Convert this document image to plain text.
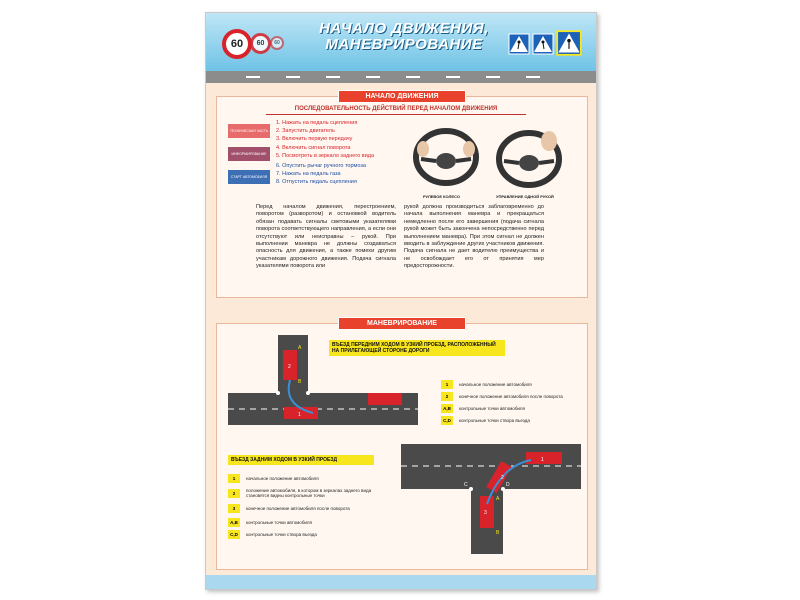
60	60	60
НАЧАЛО ДВИЖЕНИЯ,
МАНЕВРИРОВАНИЕ
НАЧАЛО ДВИЖЕНИЯ
ПОСЛЕДОВАТЕЛЬНОСТЬ ДЕЙСТВИЙ ПЕРЕД НАЧАЛОМ ДВИЖЕНИЯ
ТЕХНИЧЕСКАЯ ЧАСТЬ
ИНФОРМИРОВАНИЕ
СТАРТ АВТОМОБИЛЯ
1. Нажать на педаль сцепления
2. Запустить двигатель
3. Включить первую передачу
4. Включить сигнал поворота
5. Посмотреть в зеркало заднего вида
6. Опустить рычаг ручного тормоза
7. Нажать на педаль газа
8. Отпустить педаль сцепления
РУЛЕВОЕ КОЛЕСО	УПРАВЛЕНИЕ ОДНОЙ РУКОЙ
Перед началом движения, перестроением, поворотом (разворотом) и остановкой водитель обязан подавать сигналы световыми указателями поворота соответствующего направления, а если они отсутствуют или неисправны – рукой. При выполнении маневра не должны создаваться опасность для движения, а также помехи другим участникам дорожного движения. Подача сигнала указателями поворота или
рукой должна производиться заблаговременно до начала выполнения маневра и прекращаться немедленно после его завершения (подача сигнала рукой может быть закончена непосредственно перед выполнением маневра). При этом сигнал не должен вводить в заблуждение других участников движения. Подача сигнала не дает водителю преимущества и не освобождает его от принятия мер предосторожности.
МАНЕВРИРОВАНИЕ
C	D
A
B
1
2
ВЪЕЗД ПЕРЕДНИМ ХОДОМ В УЗКИЙ ПРОЕЗД, РАСПОЛОЖЕННЫЙ НА ПРИЛЕГАЮЩЕЙ СТОРОНЕ ДОРОГИ
1	начальное положение автомобиля
2	конечное положение автомобиля после поворота
А,В	контрольные точки автомобиля
С,D	контрольные точки створа въезда
ВЪЕЗД ЗАДНИМ ХОДОМ В УЗКИЙ ПРОЕЗД
C	D
1
2
3
A
B
1	начальное положение автомобиля
2	положение автомобиля, в котором в зеркалах заднего вида становятся видны контрольные точки
3	конечное положение автомобиля после поворота
А,В	контрольные точки автомобиля
С,D	контрольные точки створа въезда
